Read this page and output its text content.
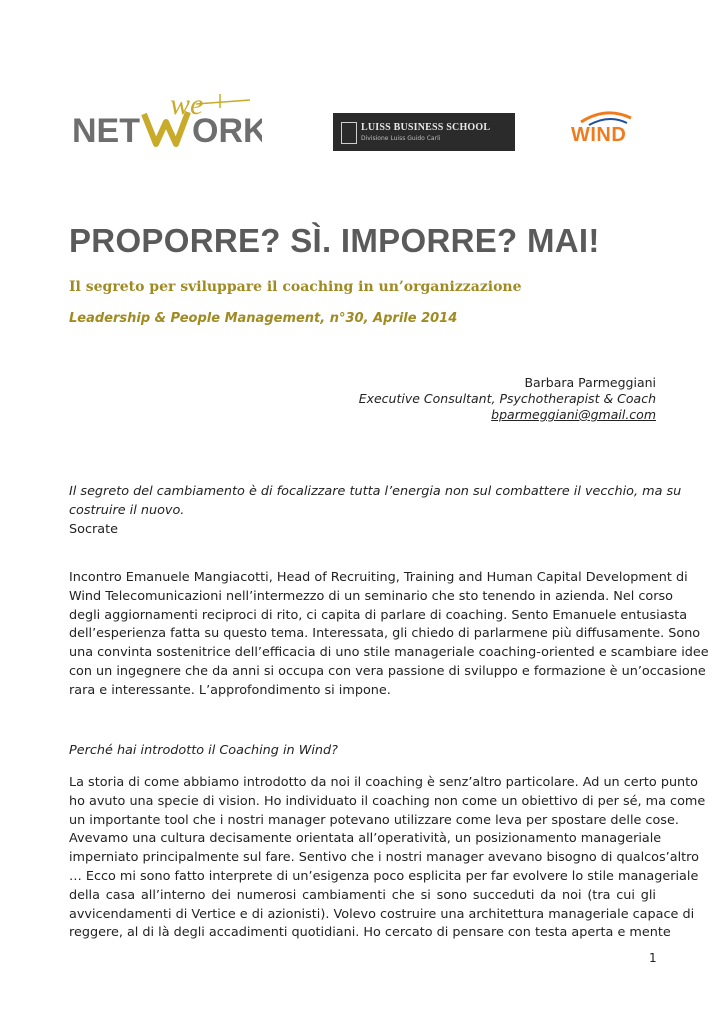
NET ORK
we
LUISS BUSINESS SCHOOL
Divisione Luiss Guido Carli	WIND
PROPORRE? SÌ. IMPORRE? MAI!
Il segreto per sviluppare il coaching in un’organizzazione
Leadership & People Management, n°30, Aprile 2014
Barbara Parmeggiani
Executive Consultant, Psychotherapist & Coach
bparmeggiani@gmail.com
Il segreto del cambiamento è di focalizzare tutta l’energia non sul combattere il vecchio, ma su
costruire il nuovo.
Socrate
Incontro Emanuele Mangiacotti, Head of Recruiting, Training and Human Capital Development di
Wind Telecomunicazioni nell’intermezzo di un seminario che sto tenendo in azienda. Nel corso
degli aggiornamenti reciproci di rito, ci capita di parlare di coaching. Sento Emanuele entusiasta
dell’esperienza fatta su questo tema. Interessata, gli chiedo di parlarmene più diffusamente. Sono
una convinta sostenitrice dell’efficacia di uno stile manageriale coaching-oriented e scambiare idee
con un ingegnere che da anni si occupa con vera passione di sviluppo e formazione è un’occasione
rara e interessante. L’approfondimento si impone.
Perché hai introdotto il Coaching in Wind?
La storia di come abbiamo introdotto da noi il coaching è senz’altro particolare. Ad un certo punto
ho avuto una specie di vision. Ho individuato il coaching non come un obiettivo di per sé, ma come
un importante tool che i nostri manager potevano utilizzare come leva per spostare delle cose.
Avevamo una cultura decisamente orientata all’operatività, un posizionamento manageriale
imperniato principalmente sul fare. Sentivo che i nostri manager avevano bisogno di qualcos’altro
… Ecco mi sono fatto interprete di un’esigenza poco esplicita per far evolvere lo stile manageriale
della casa all’interno dei numerosi cambiamenti che si sono succeduti da noi (tra cui gli
avvicendamenti di Vertice e di azionisti). Volevo costruire una architettura manageriale capace di
reggere, al di là degli accadimenti quotidiani. Ho cercato di pensare con testa aperta e mente
1
